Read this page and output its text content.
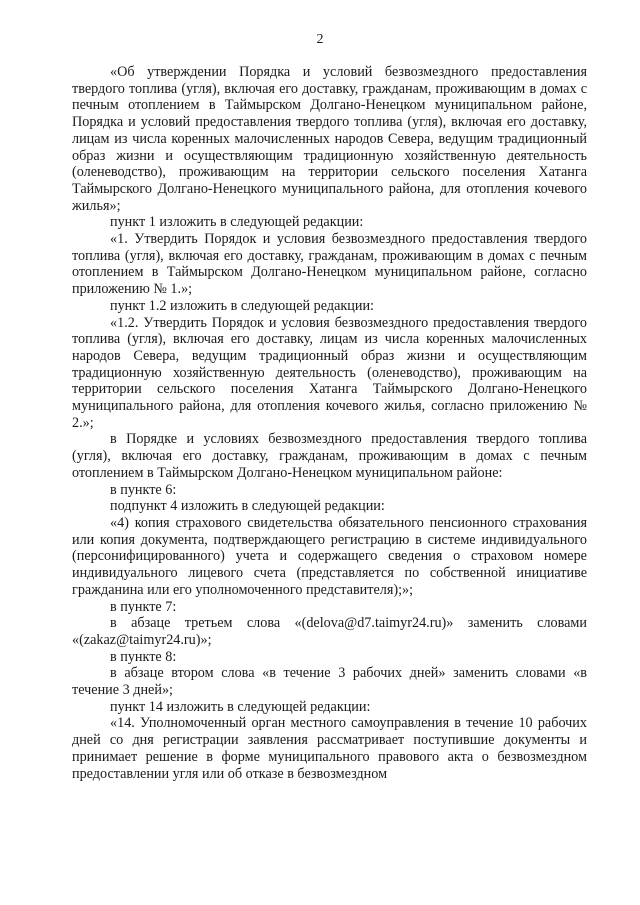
2

«Об утверждении Порядка и условий безвозмездного предоставления твердого топлива (угля), включая его доставку, гражданам, проживающим в домах с печным отоплением в Таймырском Долгано-Ненецком муниципальном районе, Порядка и условий предоставления твердого топлива (угля), включая его доставку, лицам из числа коренных малочисленных народов Севера, ведущим традиционный образ жизни и осуществляющим традиционную хозяйственную деятельность (оленеводство), проживающим на территории сельского поселения Хатанга Таймырского Долгано-Ненецкого муниципального района, для отопления кочевого жилья»;

пункт 1 изложить в следующей редакции:

«1. Утвердить Порядок и условия безвозмездного предоставления твердого топлива (угля), включая его доставку, гражданам, проживающим в домах с печным отоплением в Таймырском Долгано-Ненецком муниципальном районе, согласно приложению № 1.»;

пункт 1.2 изложить в следующей редакции:

«1.2. Утвердить Порядок и условия безвозмездного предоставления твердого топлива (угля), включая его доставку, лицам из числа коренных малочисленных народов Севера, ведущим традиционный образ жизни и осуществляющим традиционную хозяйственную деятельность (оленеводство), проживающим на территории сельского поселения Хатанга Таймырского Долгано-Ненецкого муниципального района, для отопления кочевого жилья, согласно приложению № 2.»;

в Порядке и условиях безвозмездного предоставления твердого топлива (угля), включая его доставку, гражданам, проживающим в домах с печным отоплением в Таймырском Долгано-Ненецком муниципальном районе:

в пункте 6:

подпункт 4 изложить в следующей редакции:

«4) копия страхового свидетельства обязательного пенсионного страхования или копия документа, подтверждающего регистрацию в системе индивидуального (персонифицированного) учета и содержащего сведения о страховом номере индивидуального лицевого счета (представляется по собственной инициативе гражданина или его уполномоченного представителя);»;

в пункте 7:

в абзаце третьем слова «(delova@d7.taimyr24.ru)» заменить словами «(zakaz@taimyr24.ru)»;

в пункте 8:

в абзаце втором слова «в течение 3 рабочих дней» заменить словами «в течение 3 дней»;

пункт 14 изложить в следующей редакции:

«14. Уполномоченный орган местного самоуправления в течение 10 рабочих дней со дня регистрации заявления рассматривает поступившие документы и принимает решение в форме муниципального правового акта о безвозмездном предоставлении угля или об отказе в безвозмездном
